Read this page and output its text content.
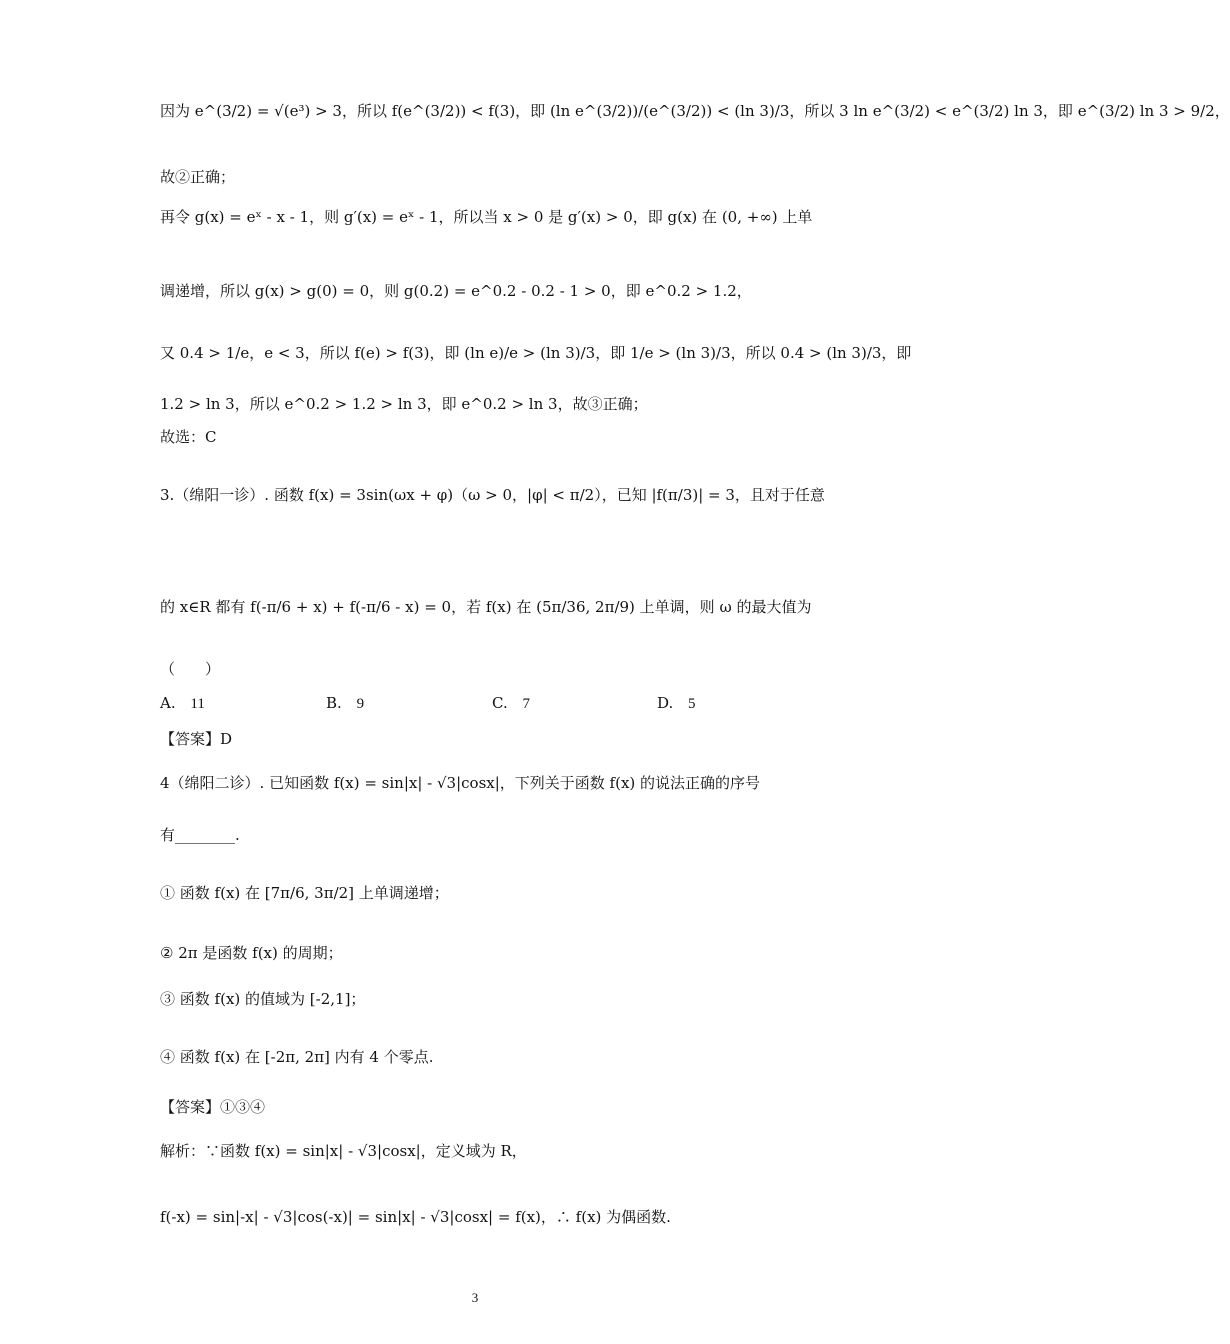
因为 e^(3/2) = √(e³) > 3，所以 f(e^(3/2)) < f(3)，即 (ln e^(3/2))/(e^(3/2)) < (ln 3)/3，所以 3 ln e^(3/2) < e^(3/2) ln 3，即 e^(3/2) ln 3 > 9/2，
故②正确；
再令 g(x) = eˣ - x - 1，则 g′(x) = eˣ - 1，所以当 x > 0 是 g′(x) > 0，即 g(x) 在 (0, +∞) 上单
调递增，所以 g(x) > g(0) = 0，则 g(0.2) = e^0.2 - 0.2 - 1 > 0，即 e^0.2 > 1.2，
又 0.4 > 1/e，e < 3，所以 f(e) > f(3)，即 (ln e)/e > (ln 3)/3，即 1/e > (ln 3)/3，所以 0.4 > (ln 3)/3，即
1.2 > ln 3，所以 e^0.2 > 1.2 > ln 3，即 e^0.2 > ln 3，故③正确；
故选：C
3.（绵阳一诊）. 函数 f(x) = 3sin(ωx + φ)（ω > 0，|φ| < π/2），已知 |f(π/3)| = 3，且对于任意
的 x∈R 都有 f(-π/6 + x) + f(-π/6 - x) = 0，若 f(x) 在 (5π/36, 2π/9) 上单调，则 ω 的最大值为
（　　）
A. 11	B. 9	C. 7	D. 5
【答案】D
4（绵阳二诊）. 已知函数 f(x) = sin|x| - √3|cosx|，下列关于函数 f(x) 的说法正确的序号
有________.
① 函数 f(x) 在 [7π/6, 3π/2] 上单调递增；
② 2π 是函数 f(x) 的周期；
③ 函数 f(x) 的值域为 [-2,1]；
④ 函数 f(x) 在 [-2π, 2π] 内有 4 个零点.
【答案】①③④
解析：∵函数 f(x) = sin|x| - √3|cosx|，定义域为 R，
f(-x) = sin|-x| - √3|cos(-x)| = sin|x| - √3|cosx| = f(x)，∴ f(x) 为偶函数.
3
